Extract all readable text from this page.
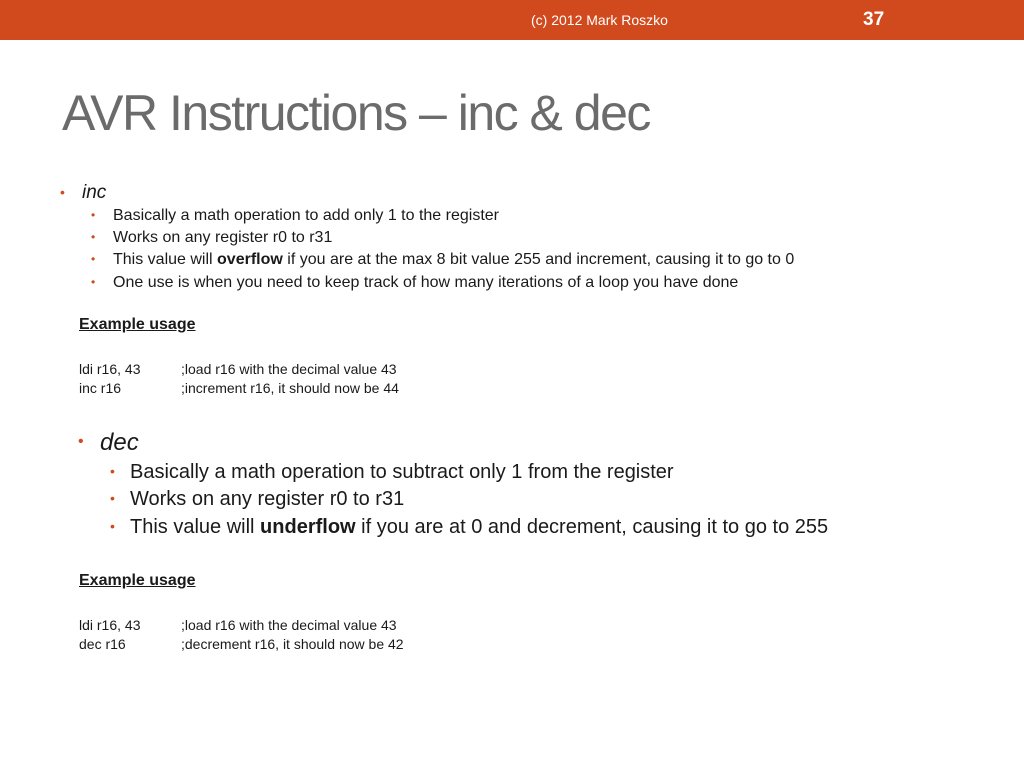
(c) 2012 Mark Roszko	37
AVR Instructions – inc & dec
• inc
• Basically a math operation to add only 1 to the register
• Works on any register r0 to r31
• This value will overflow if you are at the max 8 bit value 255 and increment, causing it to go to 0
• One use is when you need to keep track of how many iterations of a loop you have done
Example usage
ldi r16, 43	;load r16 with the decimal value 43
inc r16	;increment r16, it should now be 44
• dec
• Basically a math operation to subtract only 1 from the register
• Works on any register r0 to r31
• This value will underflow if you are at 0 and decrement, causing it to go to 255
Example usage
ldi r16, 43	;load r16 with the decimal value 43
dec r16	;decrement r16, it should now be 42
